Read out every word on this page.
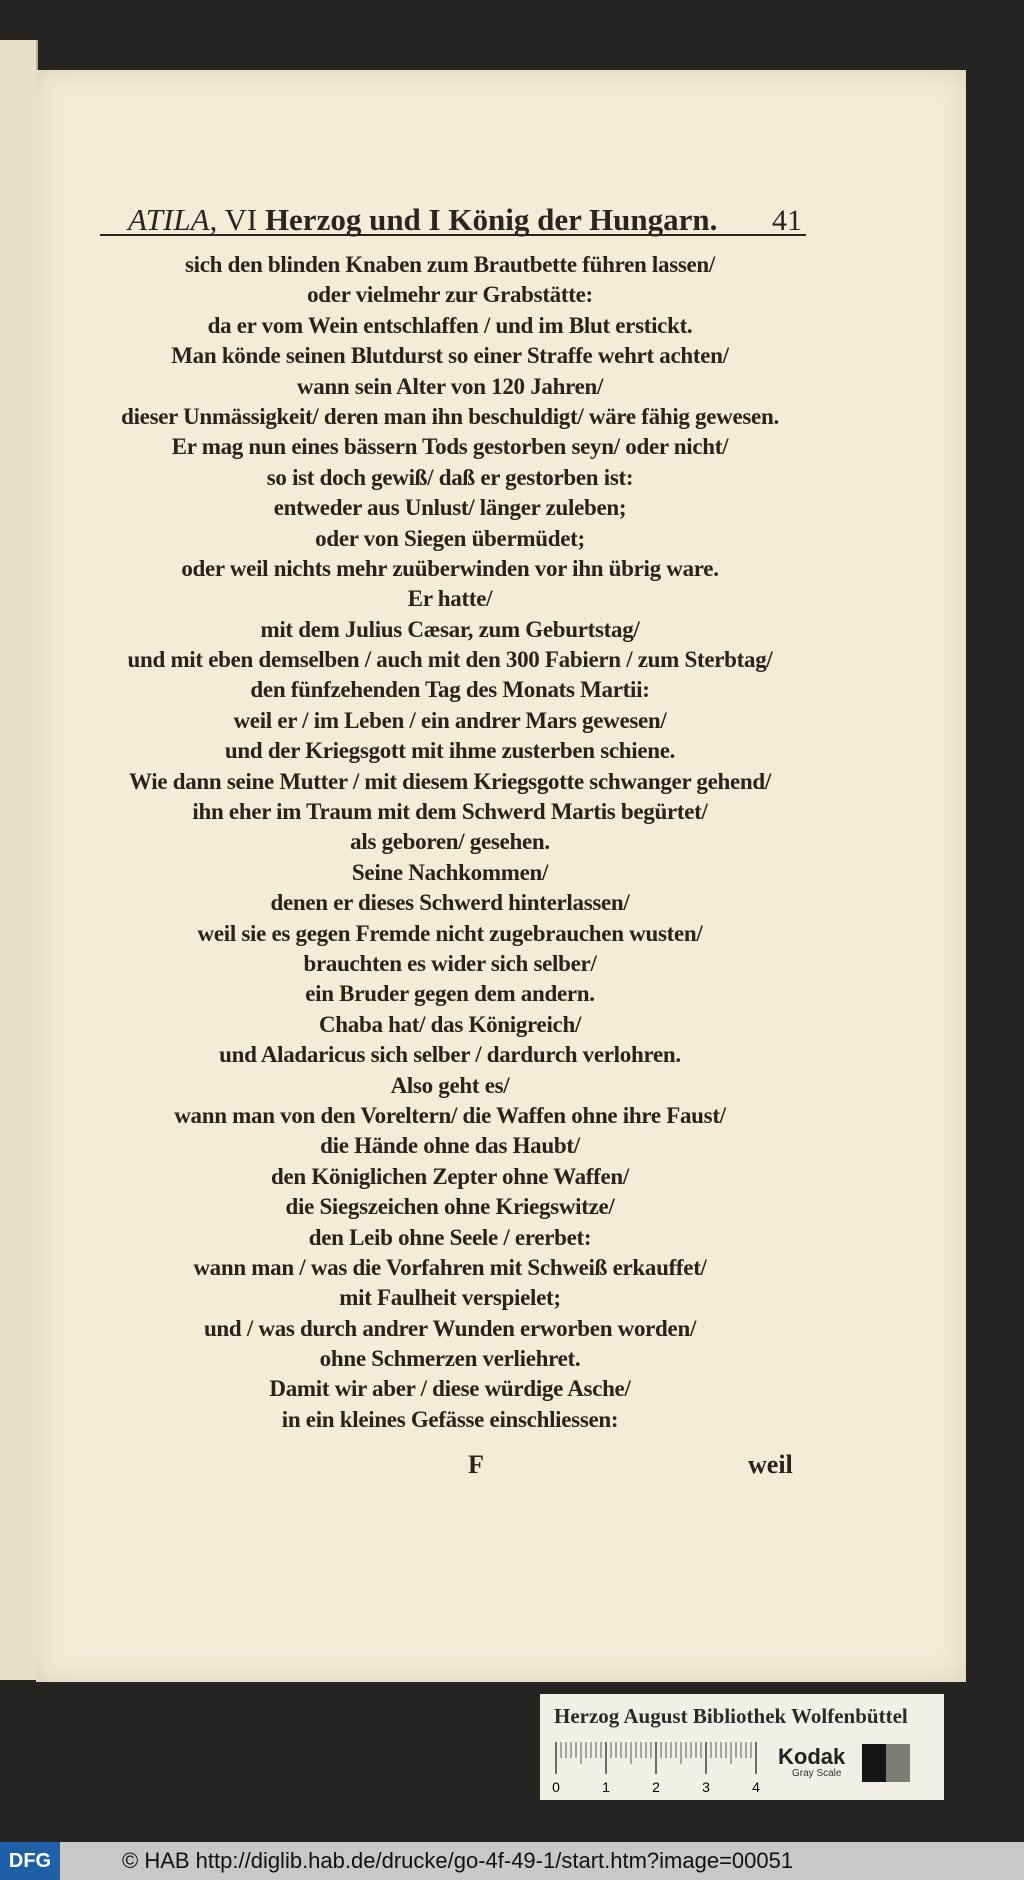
ATILA, VI Herzog und I König der Hungarn. 41
sich den blinden Knaben zum Brautbette führen lassen/
oder vielmehr zur Grabstätte:
da er vom Wein entschlaffen / und im Blut erstickt.
Man könde seinen Blutdurst so einer Straffe wehrt achten/
wann sein Alter von 120 Jahren/
dieser Unmässigkeit/ deren man ihn beschuldigt/ wäre fähig gewesen.
Er mag nun eines bässern Tods gestorben seyn/ oder nicht/
so ist doch gewiß/ daß er gestorben ist:
entweder aus Unlust/ länger zuleben;
oder von Siegen übermüdet;
oder weil nichts mehr zuüberwinden vor ihn übrig ware.
Er hatte/
mit dem Julius Cæsar, zum Geburtstag/
und mit eben demselben / auch mit den 300 Fabiern / zum Sterbtag/
den fünfzehenden Tag des Monats Martii:
weil er / im Leben / ein andrer Mars gewesen/
und der Kriegsgott mit ihme zusterben schiene.
Wie dann seine Mutter / mit diesem Kriegsgotte schwanger gehend/
ihn eher im Traum mit dem Schwerd Martis begürtet/
als geboren/ gesehen.
Seine Nachkommen/
denen er dieses Schwerd hinterlassen/
weil sie es gegen Fremde nicht zugebrauchen wusten/
brauchten es wider sich selber/
ein Bruder gegen dem andern.
Chaba hat/ das Königreich/
und Aladaricus sich selber / dardurch verlohren.
Also geht es/
wann man von den Voreltern/ die Waffen ohne ihre Faust/
die Hände ohne das Haubt/
den Königlichen Zepter ohne Waffen/
die Siegszeichen ohne Kriegswitze/
den Leib ohne Seele / ererbet:
wann man / was die Vorfahren mit Schweiß erkauffet/
mit Faulheit verspielet;
und / was durch andrer Wunden erworben worden/
ohne Schmerzen verliehret.
Damit wir aber / diese würdige Asche/
in ein kleines Gefässe einschliessen:
F	weil
Herzog August Bibliothek Wolfenbüttel
0	1	2	3	4
Kodak
Gray Scale
DFG	© HAB http://diglib.hab.de/drucke/go-4f-49-1/start.htm?image=00051
